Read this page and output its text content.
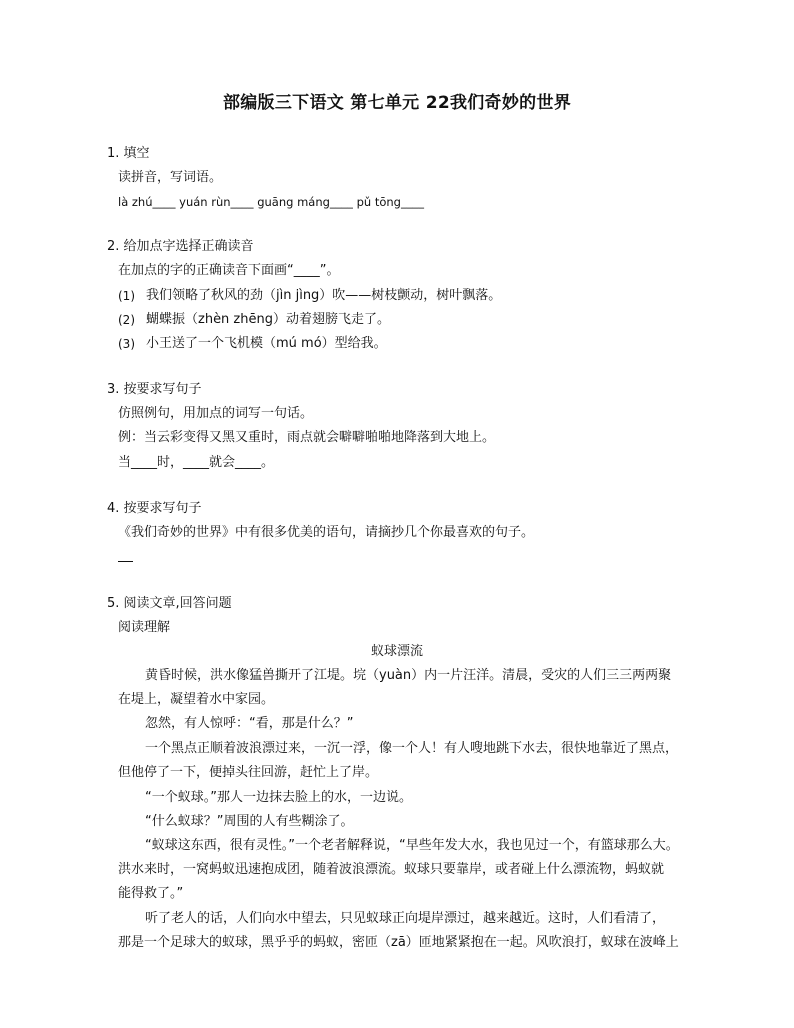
部编版三下语文 第七单元 22我们奇妙的世界
1. 填空
读拼音，写词语。
là zhú____ yuán rùn____ guāng máng____ pǔ tōng____
2. 给加点字选择正确读音
在加点的字的正确读音下面画“____”。
(1) 我们领略了秋风的劲（jìn jìng）吹——树枝颤动，树叶飘落。
(2) 蝴蝶振（zhèn zhēng）动着翅膀飞走了。
(3) 小王送了一个飞机模（mú mó）型给我。
3. 按要求写句子
仿照例句，用加点的词写一句话。
例：当云彩变得又黑又重时，雨点就会噼噼啪啪地降落到大地上。
当____时，____就会____。
4. 按要求写句子
《我们奇妙的世界》中有很多优美的语句，请摘抄几个你最喜欢的句子。
5. 阅读文章,回答问题
阅读理解
蚁球漂流
黄昏时候，洪水像猛兽撕开了江堤。垸（yuàn）内一片汪洋。清晨，受灾的人们三三两两聚
在堤上，凝望着水中家园。
忽然，有人惊呼：“看，那是什么？”
一个黑点正顺着波浪漂过来，一沉一浮，像一个人！有人嗖地跳下水去，很快地靠近了黑点，
但他停了一下，便掉头往回游，赶忙上了岸。
“一个蚁球。”那人一边抹去脸上的水，一边说。
“什么蚁球？”周围的人有些糊涂了。
“蚁球这东西，很有灵性。”一个老者解释说，“早些年发大水，我也见过一个，有篮球那么大。
洪水来时，一窝蚂蚁迅速抱成团，随着波浪漂流。蚁球只要靠岸，或者碰上什么漂流物，蚂蚁就
能得救了。”
听了老人的话，人们向水中望去，只见蚁球正向堤岸漂过，越来越近。这时，人们看清了，
那是一个足球大的蚁球，黑乎乎的蚂蚁，密匝（zā）匝地紧紧抱在一起。风吹浪打，蚁球在波峰上
